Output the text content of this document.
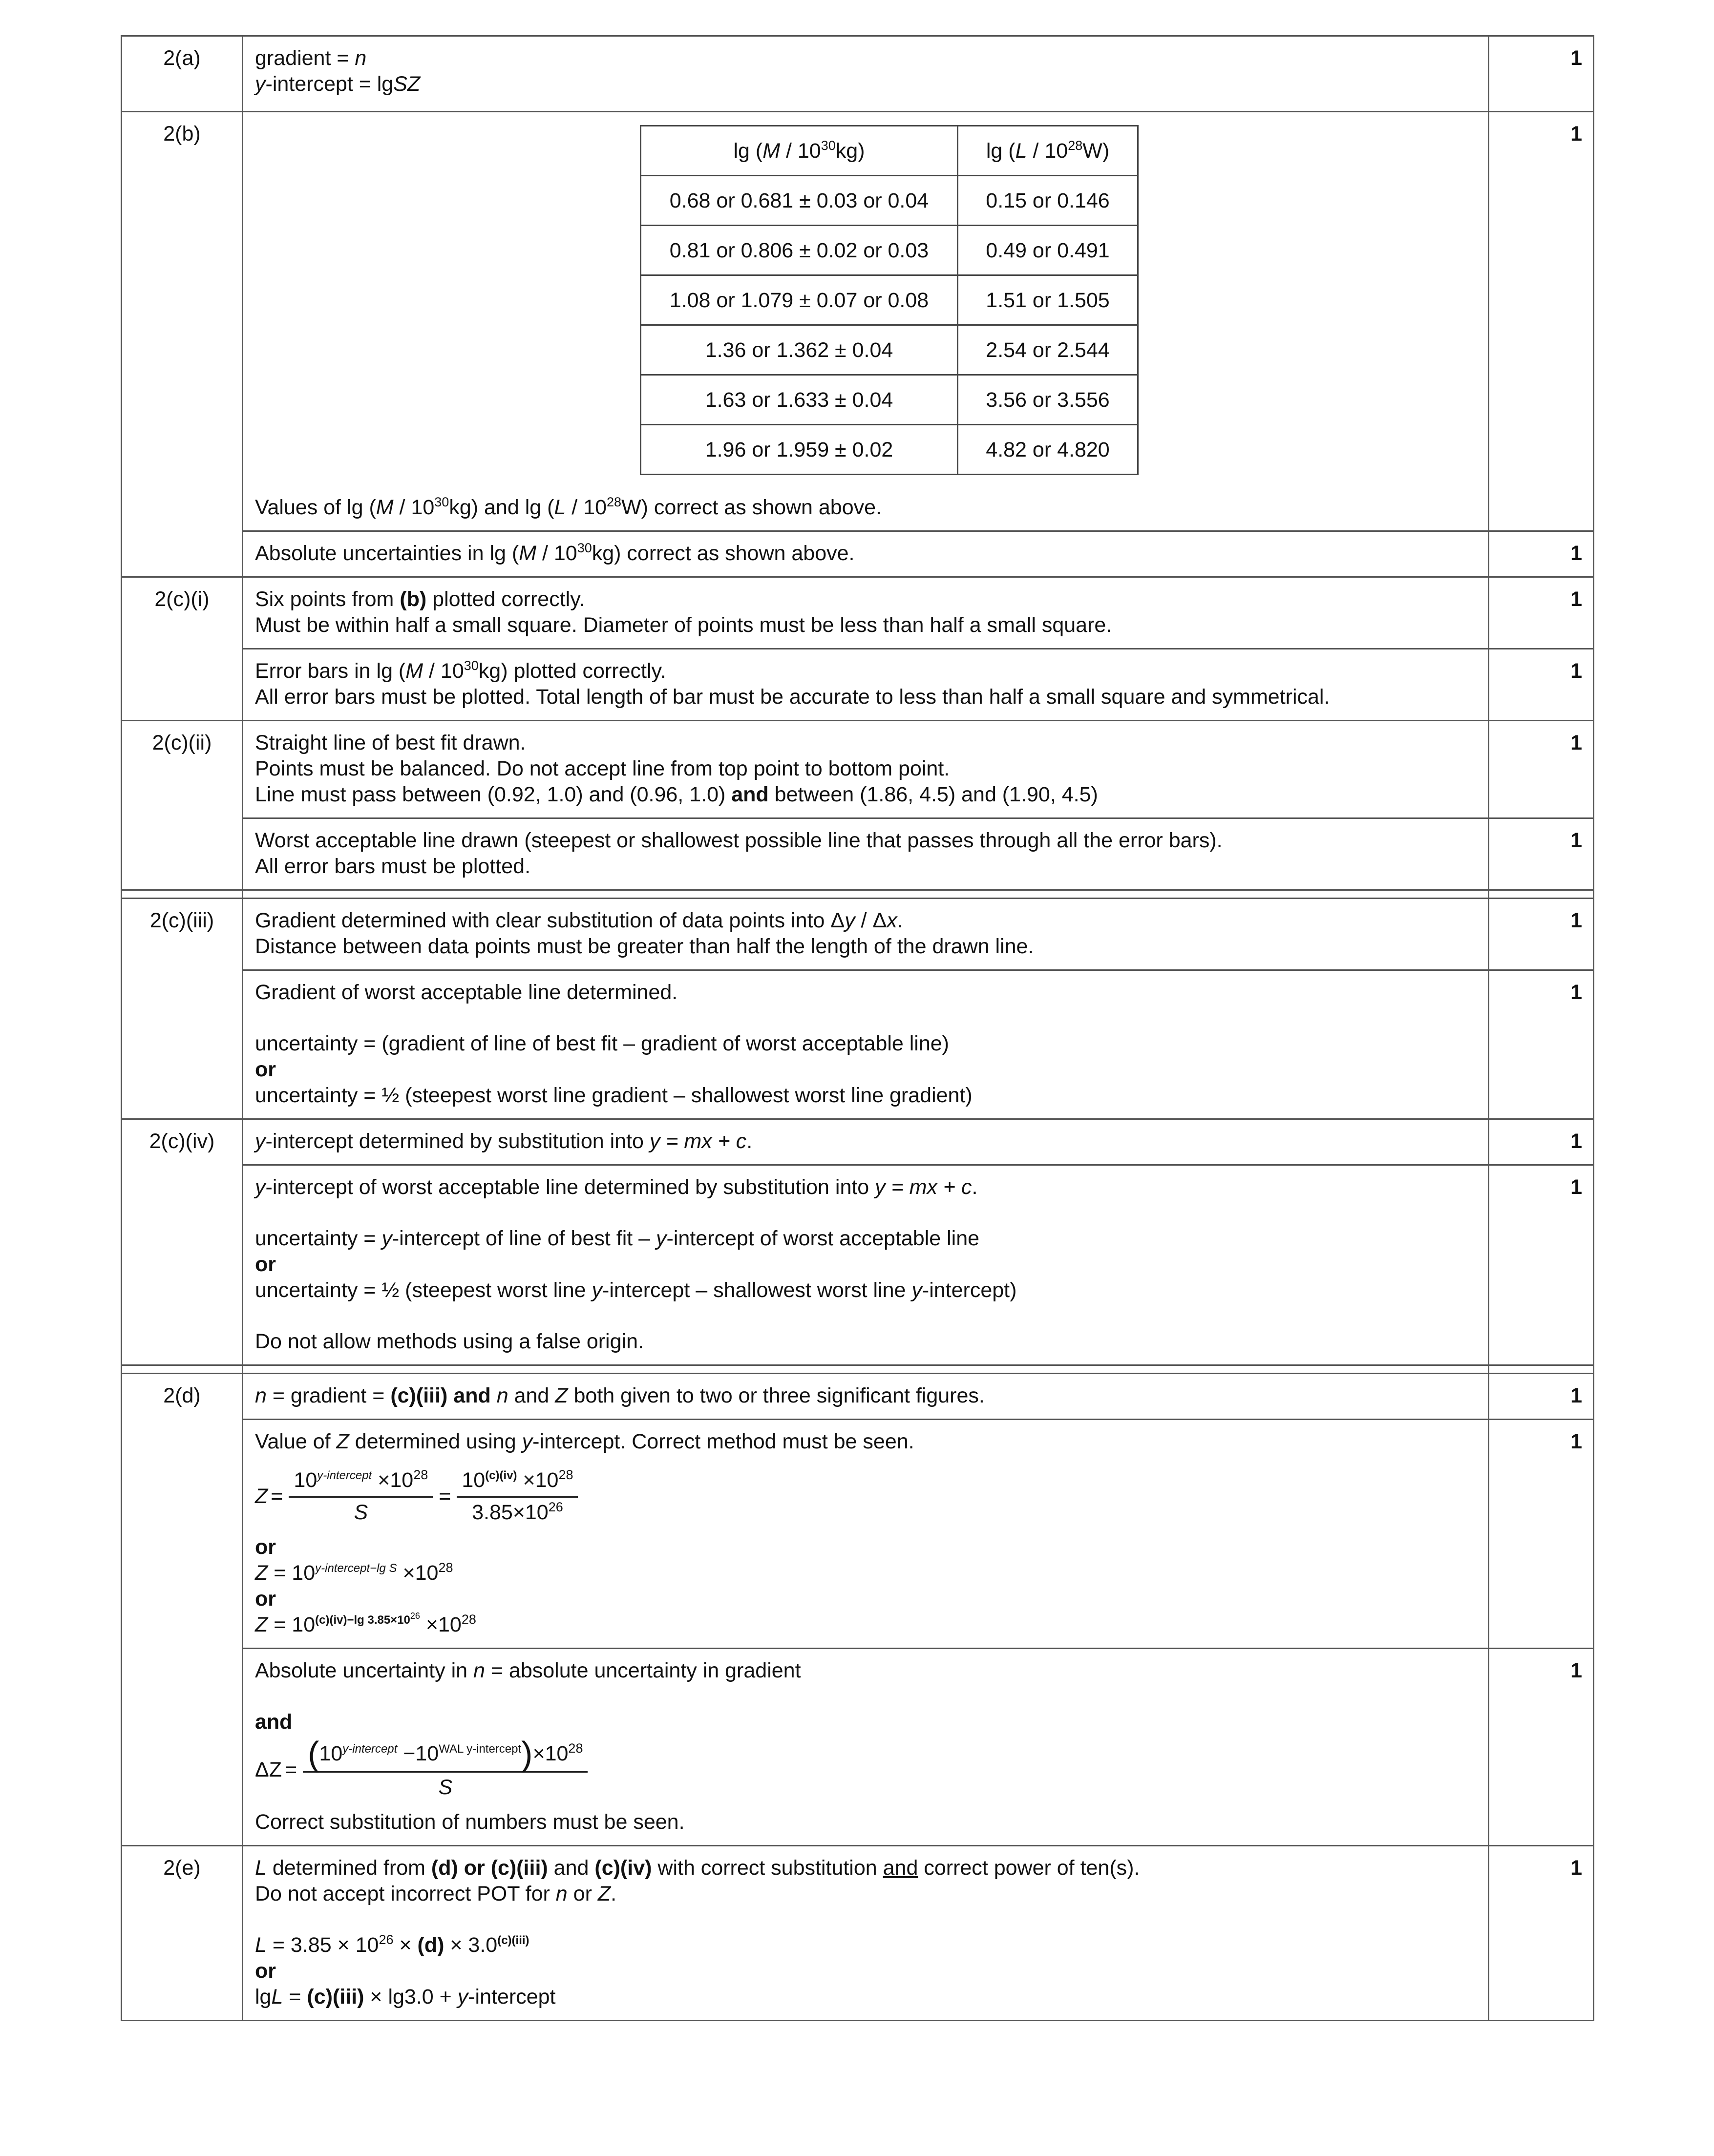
2(a)	gradient = n
y-intercept = lgSZ
	1
2(b)	
$\lg (M / 10^{30}kg)$	$\lg (L / 10^{28}W)$
0.68 or 0.681 ± 0.03 or 0.04	0.15 or 0.146
0.81 or 0.806 ± 0.02 or 0.03	0.49 or 0.491
1.08 or 1.079 ± 0.07 or 0.08	1.51 or 1.505
1.36 or 1.362 ± 0.04	2.54 or 2.544
1.63 or 1.633 ± 0.04	3.56 or 3.556
1.96 or 1.959 ± 0.02	4.82 or 4.820
Values of $\lg (M / 10^{30}kg)$ and $\lg (L / 10^{28}W)$ correct as shown above.
	1

Absolute uncertainties in $\lg (M / 10^{30}kg)$ correct as shown above.	1
2(c)(i)	Six points from (b) plotted correctly.
Must be within half a small square. Diameter of points must be less than half a small square.
	1

Error bars in $\lg (M / 10^{30}kg)$ plotted correctly.
All error bars must be plotted. Total length of bar must be accurate to less than half a small square and symmetrical.
	1
2(c)(ii)	Straight line of best fit drawn.
Points must be balanced. Do not accept line from top point to bottom point.
Line must pass between (0.92, 1.0) and (0.96, 1.0) and between (1.86, 4.5) and (1.90, 4.5)
	1

Worst acceptable line drawn (steepest or shallowest possible line that passes through all the error bars).
All error bars must be plotted.
	1

2(c)(iii)	Gradient determined with clear substitution of data points into Δy / Δx.
Distance between data points must be greater than half the length of the drawn line.
	1

Gradient of worst acceptable line determined.
uncertainty = (gradient of line of best fit – gradient of worst acceptable line)
or
uncertainty = ½ (steepest worst line gradient – shallowest worst line gradient)
	1
2(c)(iv)	y-intercept determined by substitution into y = mx + c.	1

y-intercept of worst acceptable line determined by substitution into y = mx + c.
uncertainty = y-intercept of line of best fit – y-intercept of worst acceptable line
or
uncertainty = ½ (steepest worst line y-intercept – shallowest worst line y-intercept)
Do not allow methods using a false origin.
	1

2(d)	n = gradient = (c)(iii) and n and Z both given to two or three significant figures.	1

Value of Z determined using y-intercept. Correct method must be seen.
$Z = \frac{10^{y-intercept} \times 10^{28}}{S} = \frac{10^{(c)(iv)} \times 10^{28}}{3.85\times 10^{26}}$
or
$Z = 10^{y-intercept-lg S} \times 10^{28}$
or
$Z = 10^{(c)(iv)-lg 3.85\times 1026} \times 10^{28}$
	1

Absolute uncertainty in n = absolute uncertainty in gradient
and
$\Delta Z = \frac{(10^{y-intercept} -10^{WAL y-intercept})\times 10^{28}}{S}$
Correct substitution of numbers must be seen.
	1
2(e)	L determined from (d) or (c)(iii) and (c)(iv) with correct substitution and correct power of ten(s).
Do not accept incorrect POT for n or Z.
$L = 3.85 \times 10^{26} \times (d) \times 3.0^{(c)(iii)}$
or
lgL = (c)(iii) × lg3.0 + y-intercept
	1
